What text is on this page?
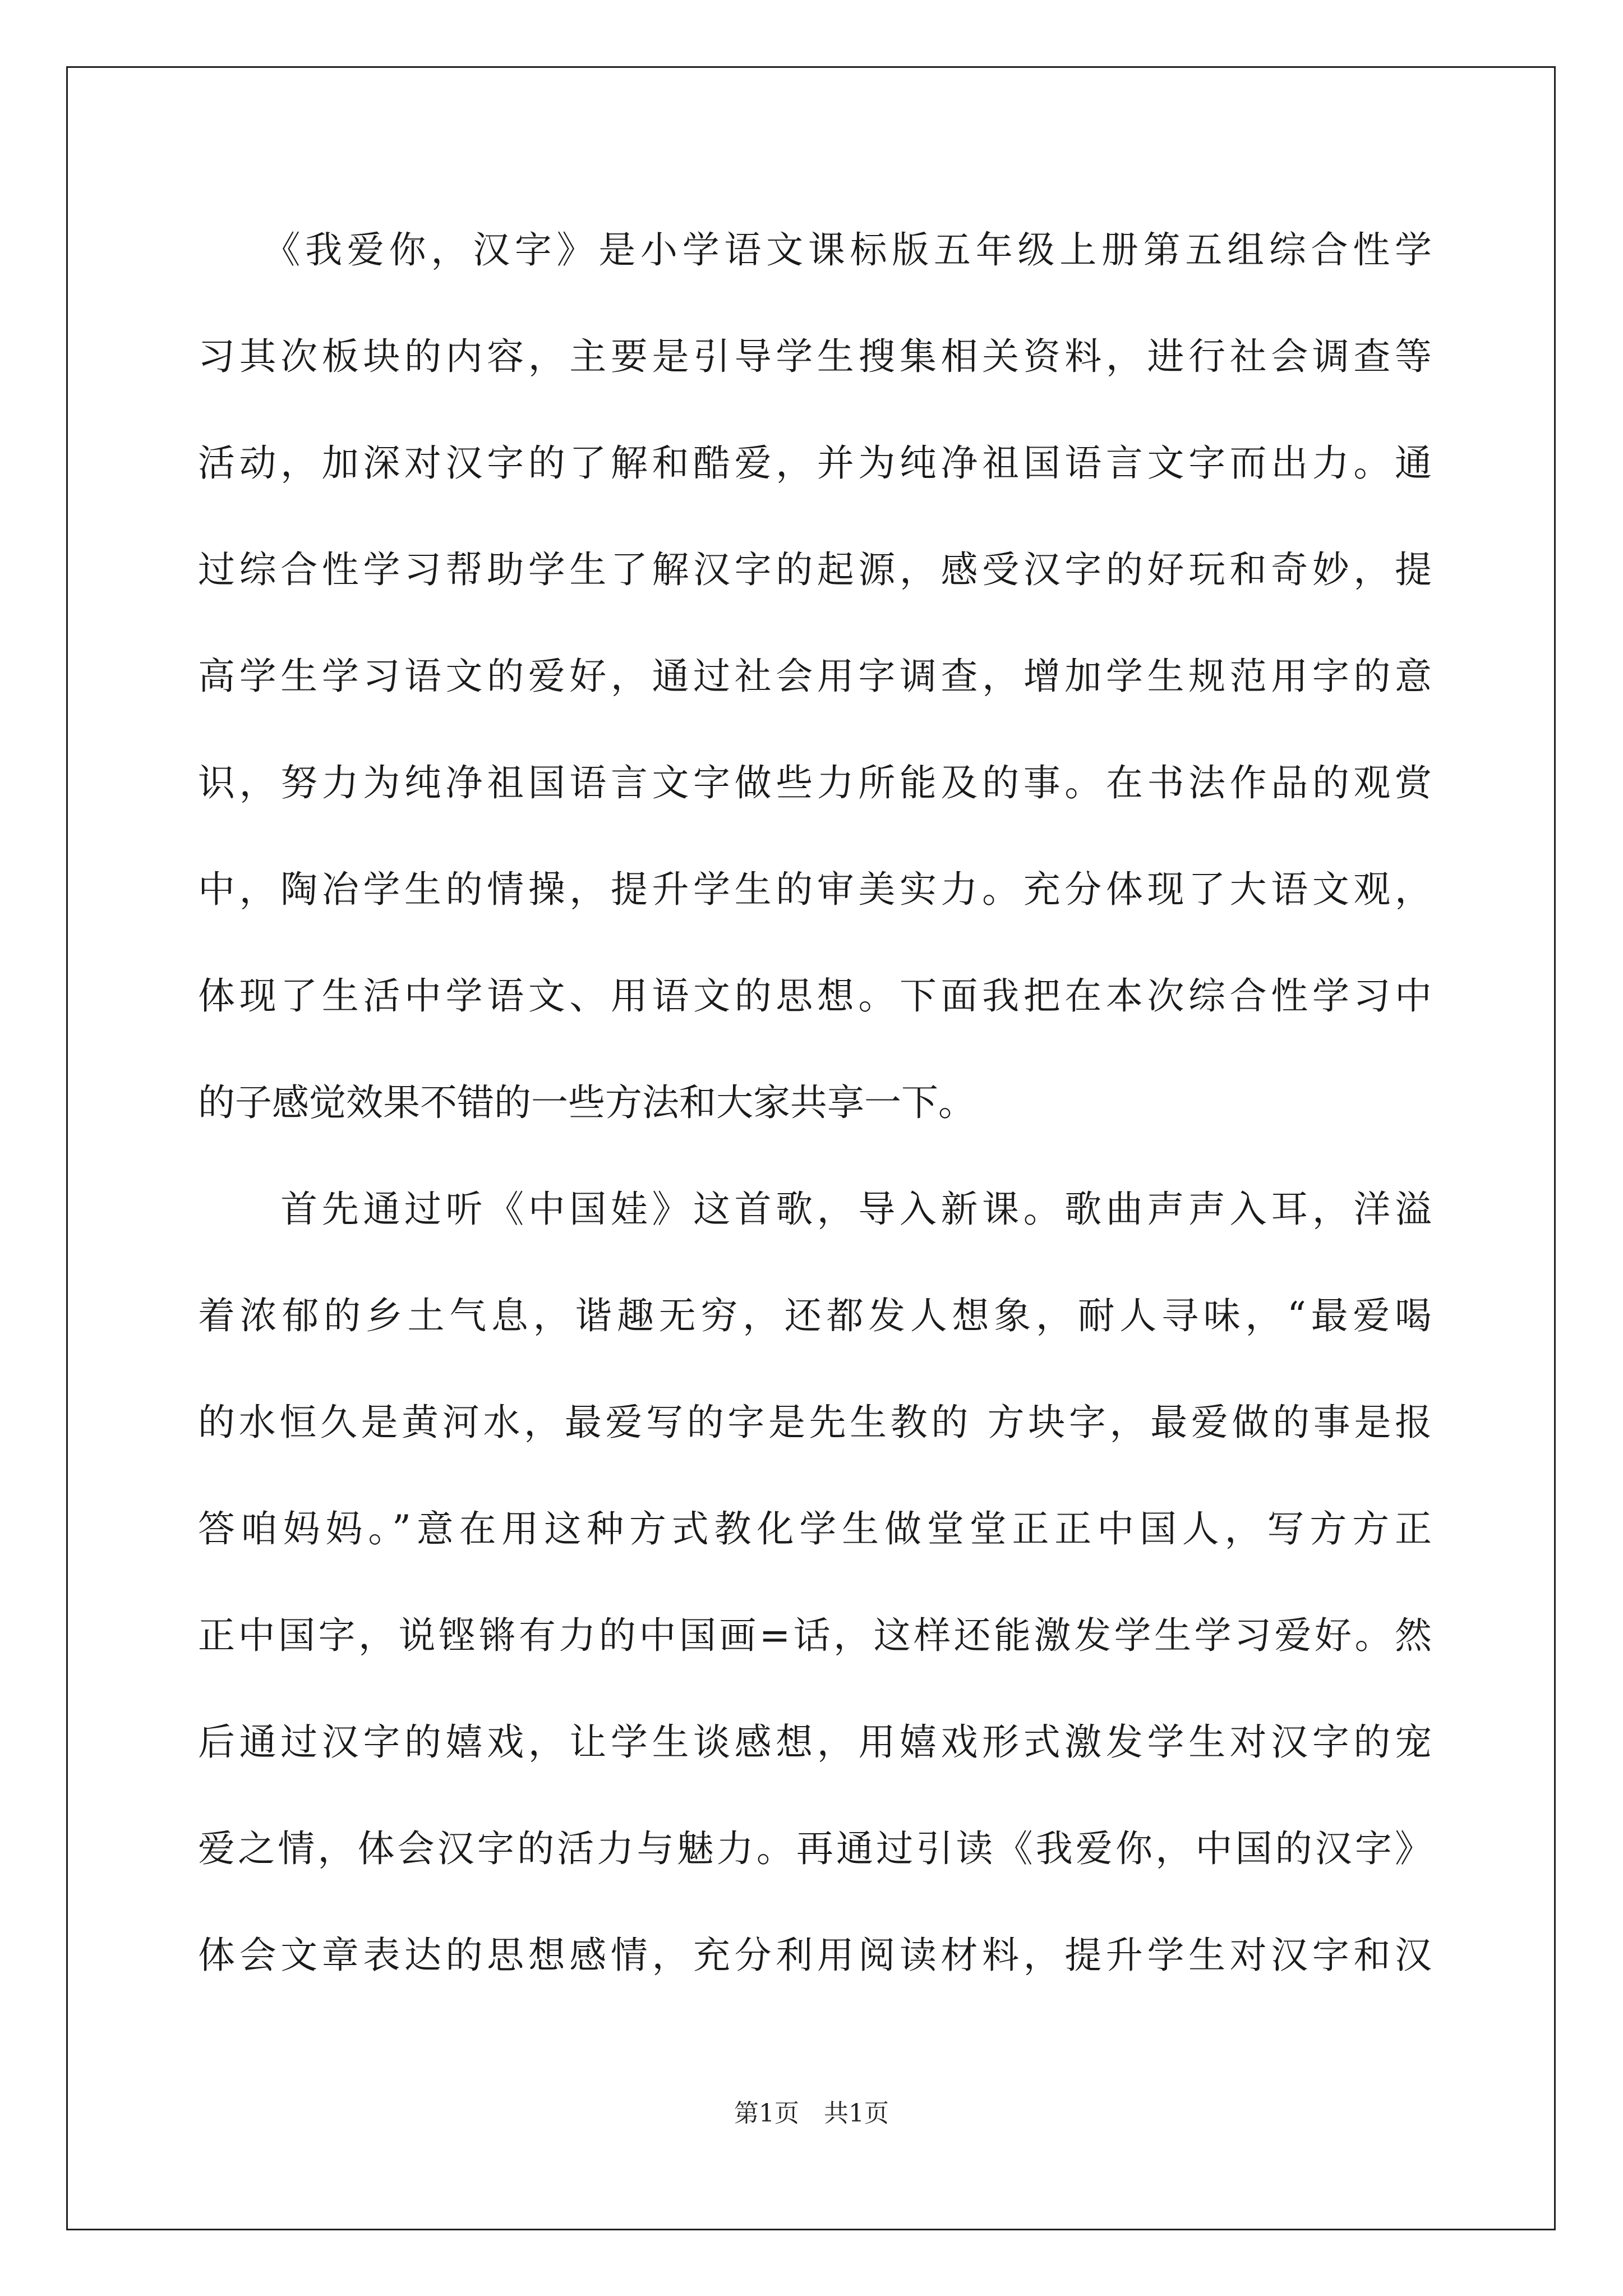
　　《我爱你，汉字》是小学语文课标版五年级上册第五组综合性学

习其次板块的内容，主要是引导学生搜集相关资料，进行社会调查等

活动，加深对汉字的了解和酷爱，并为纯净祖国语言文字而出力。通

过综合性学习帮助学生了解汉字的起源，感受汉字的好玩和奇妙，提

高学生学习语文的爱好，通过社会用字调查，增加学生规范用字的意

识，努力为纯净祖国语言文字做些力所能及的事。在书法作品的观赏

中，陶冶学生的情操，提升学生的审美实力。充分体现了大语文观，

体现了生活中学语文、用语文的思想。下面我把在本次综合性学习中

的子感觉效果不错的一些方法和大家共享一下。

　　首先通过听《中国娃》这首歌，导入新课。歌曲声声入耳，洋溢

着浓郁的乡土气息，谐趣无穷，还都发人想象，耐人寻味，“最爱喝

的水恒久是黄河水，最爱写的字是先生教的 方块字，最爱做的事是报

答咱妈妈。”意在用这种方式教化学生做堂堂正正中国人，写方方正

正中国字，说铿锵有力的中国画=话，这样还能激发学生学习爱好。然

后通过汉字的嬉戏，让学生谈感想，用嬉戏形式激发学生对汉字的宠

爱之情，体会汉字的活力与魅力。再通过引读《我爱你，中国的汉字》

体会文章表达的思想感情，充分利用阅读材料，提升学生对汉字和汉

第1页　共1页
